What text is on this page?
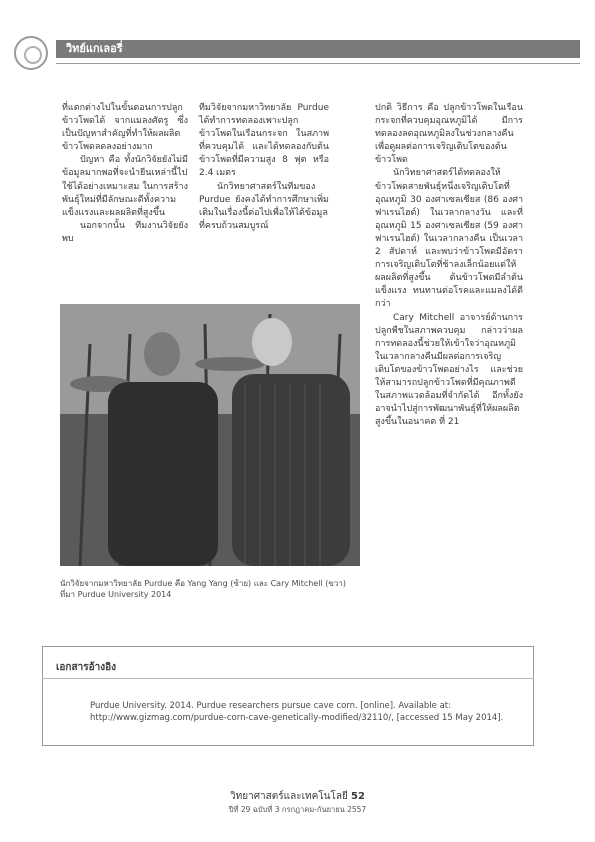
วิทย์แกเลอรี่

ที่แตกต่างไปในขั้นตอนการปลูกข้าวโพดได้ จากแมลงศัตรู ซึ่งเป็นปัญหาสำคัญที่ทำให้ผลผลิตข้าวโพดลดลงอย่างมาก

ปัญหา คือ ทั้งนักวิจัยยังไม่มีข้อมูลมากพอที่จะนำยีนเหล่านี้ไปใช้ได้อย่างเหมาะสม ในการสร้างพันธุ์ใหม่ที่มีลักษณะดีทั้งความแข็งแรงและผลผลิตที่สูงขึ้น

นอกจากนั้น ทีมงานวิจัยยังพบ

ทีมวิจัยจากมหาวิทยาลัย Purdue ได้ทำการทดลองเพาะปลูกข้าวโพดในเรือนกระจก ในสภาพที่ควบคุมได้ และได้ทดลองกับต้นข้าวโพดที่มีความสูง 8 ฟุต หรือ 2.4 เมตร

นักวิทยาศาสตร์ในทีมของ Purdue ยังคงได้ทำการศึกษาเพิ่มเติมในเรื่องนี้ต่อไปเพื่อให้ได้ข้อมูลที่ครบถ้วนสมบูรณ์

ปกติ วิธีการ คือ ปลูกข้าวโพดในเรือนกระจกที่ควบคุมอุณหภูมิได้ มีการทดลองลดอุณหภูมิลงในช่วงกลางคืนเพื่อดูผลต่อการเจริญเติบโตของต้นข้าวโพด

นักวิทยาศาสตร์ได้ทดลองให้ข้าวโพดสายพันธุ์หนึ่งเจริญเติบโตที่อุณหภูมิ 30 องศาเซลเซียส (86 องศาฟาเรนไฮต์) ในเวลากลางวัน และที่อุณหภูมิ 15 องศาเซลเซียส (59 องศาฟาเรนไฮต์) ในเวลากลางคืน เป็นเวลา 2 สัปดาห์ และพบว่าข้าวโพดมีอัตราการเจริญเติบโตที่ช้าลงเล็กน้อยแต่ให้ผลผลิตที่สูงขึ้น ต้นข้าวโพดมีลำต้นแข็งแรง ทนทานต่อโรคและแมลงได้ดีกว่า

Cary Mitchell อาจารย์ด้านการปลูกพืชในสภาพควบคุม กล่าวว่าผลการทดลองนี้ช่วยให้เข้าใจว่าอุณหภูมิในเวลากลางคืนมีผลต่อการเจริญเติบโตของข้าวโพดอย่างไร และช่วยให้สามารถปลูกข้าวโพดที่มีคุณภาพดีในสภาพแวดล้อมที่จำกัดได้ อีกทั้งยังอาจนำไปสู่การพัฒนาพันธุ์ที่ให้ผลผลิตสูงขึ้นในอนาคต ที่ 21

นักวิจัยจากมหาวิทยาลัย Purdue คือ Yang Yang (ซ้าย) และ Cary Mitchell (ขวา)
ที่มา Purdue University 2014
เอกสารอ้างอิง
Purdue University. 2014. Purdue researchers pursue cave corn. [online]. Available at: http://www.gizmag.com/purdue-corn-cave-genetically-modified/32110/, [accessed 15 May 2014].
วิทยาศาสตร์และเทคโนโลยี 52
ปีที่ 29 ฉบับที่ 3 กรกฎาคม-กันยายน 2557
